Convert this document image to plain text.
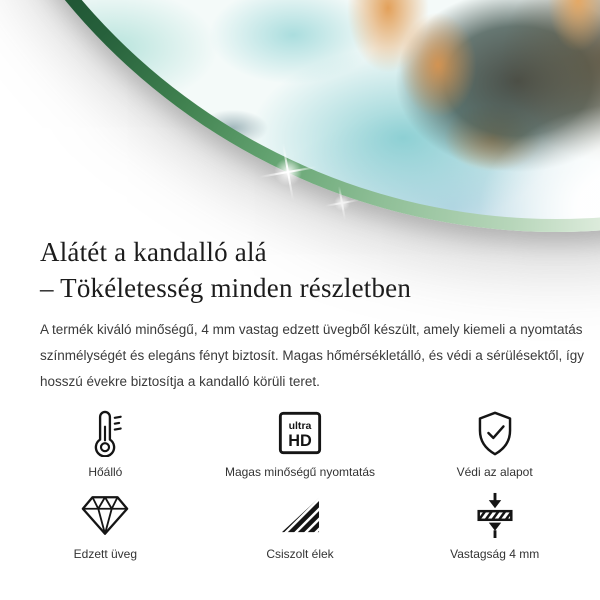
Alátét a kandalló alá
– Tökéletesség minden részletben
A termék kiváló minőségű, 4 mm vastag edzett üvegből készült, amely kiemeli a nyomtatás
színmélységét és elegáns fényt biztosít. Magas hőmérsékletálló, és védi a sérülésektől, így
hosszú évekre biztosítja a kandalló körüli teret.
Hőálló
ultra
HD
Magas minőségű nyomtatás	Védi az alapot
Edzett üveg	Csiszolt élek	Vastagság 4 mm
